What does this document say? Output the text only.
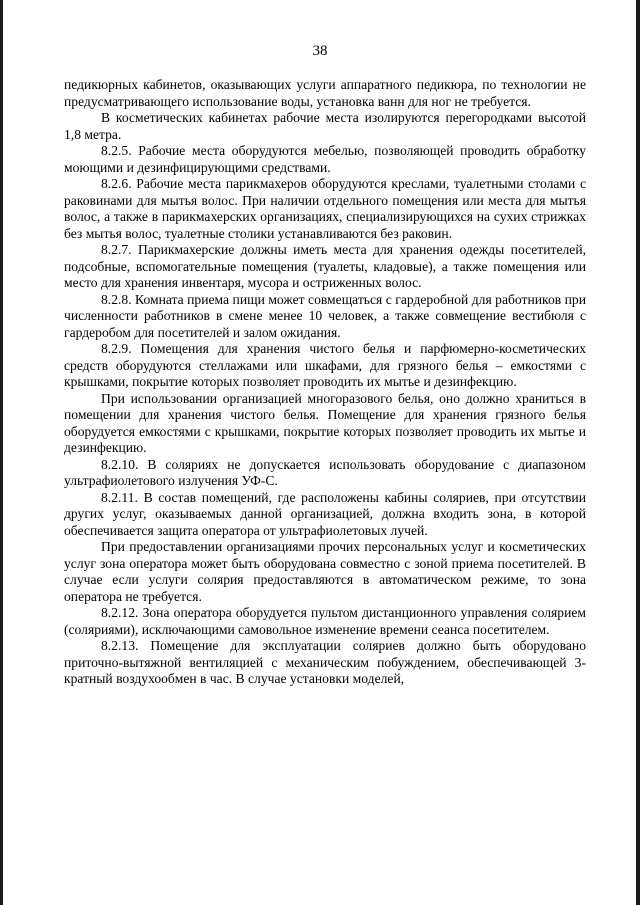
38

педикюрных кабинетов, оказывающих услуги аппаратного педикюра, по технологии не предусматривающего использование воды, установка ванн для ног не требуется.

В косметических кабинетах рабочие места изолируются перегородками высотой 1,8 метра.

8.2.5. Рабочие места оборудуются мебелью, позволяющей проводить обработку моющими и дезинфицирующими средствами.

8.2.6. Рабочие места парикмахеров оборудуются креслами, туалетными столами с раковинами для мытья волос. При наличии отдельного помещения или места для мытья волос, а также в парикмахерских организациях, специализирующихся на сухих стрижках без мытья волос, туалетные столики устанавливаются без раковин.

8.2.7. Парикмахерские должны иметь места для хранения одежды посетителей, подсобные, вспомогательные помещения (туалеты, кладовые), а также помещения или место для хранения инвентаря, мусора и остриженных волос.

8.2.8. Комната приема пищи может совмещаться с гардеробной для работников при численности работников в смене менее 10 человек, а также совмещение вестибюля с гардеробом для посетителей и залом ожидания.

8.2.9. Помещения для хранения чистого белья и парфюмерно-косметических средств оборудуются стеллажами или шкафами, для грязного белья – емкостями с крышками, покрытие которых позволяет проводить их мытье и дезинфекцию.

При использовании организацией многоразового белья, оно должно храниться в помещении для хранения чистого белья. Помещение для хранения грязного белья оборудуется емкостями с крышками, покрытие которых позволяет проводить их мытье и дезинфекцию.

8.2.10. В соляриях не допускается использовать оборудование с диапазоном ультрафиолетового излучения УФ-С.

8.2.11. В состав помещений, где расположены кабины соляриев, при отсутствии других услуг, оказываемых данной организацией, должна входить зона, в которой обеспечивается защита оператора от ультрафиолетовых лучей.

При предоставлении организациями прочих персональных услуг и косметических услуг зона оператора может быть оборудована совместно с зоной приема посетителей. В случае если услуги солярия предоставляются в автоматическом режиме, то зона оператора не требуется.

8.2.12. Зона оператора оборудуется пультом дистанционного управления солярием (соляриями), исключающими самовольное изменение времени сеанса посетителем.

8.2.13. Помещение для эксплуатации соляриев должно быть оборудовано приточно-вытяжной вентиляцией с механическим побуждением, обеспечивающей 3-кратный воздухообмен в час. В случае установки моделей,
